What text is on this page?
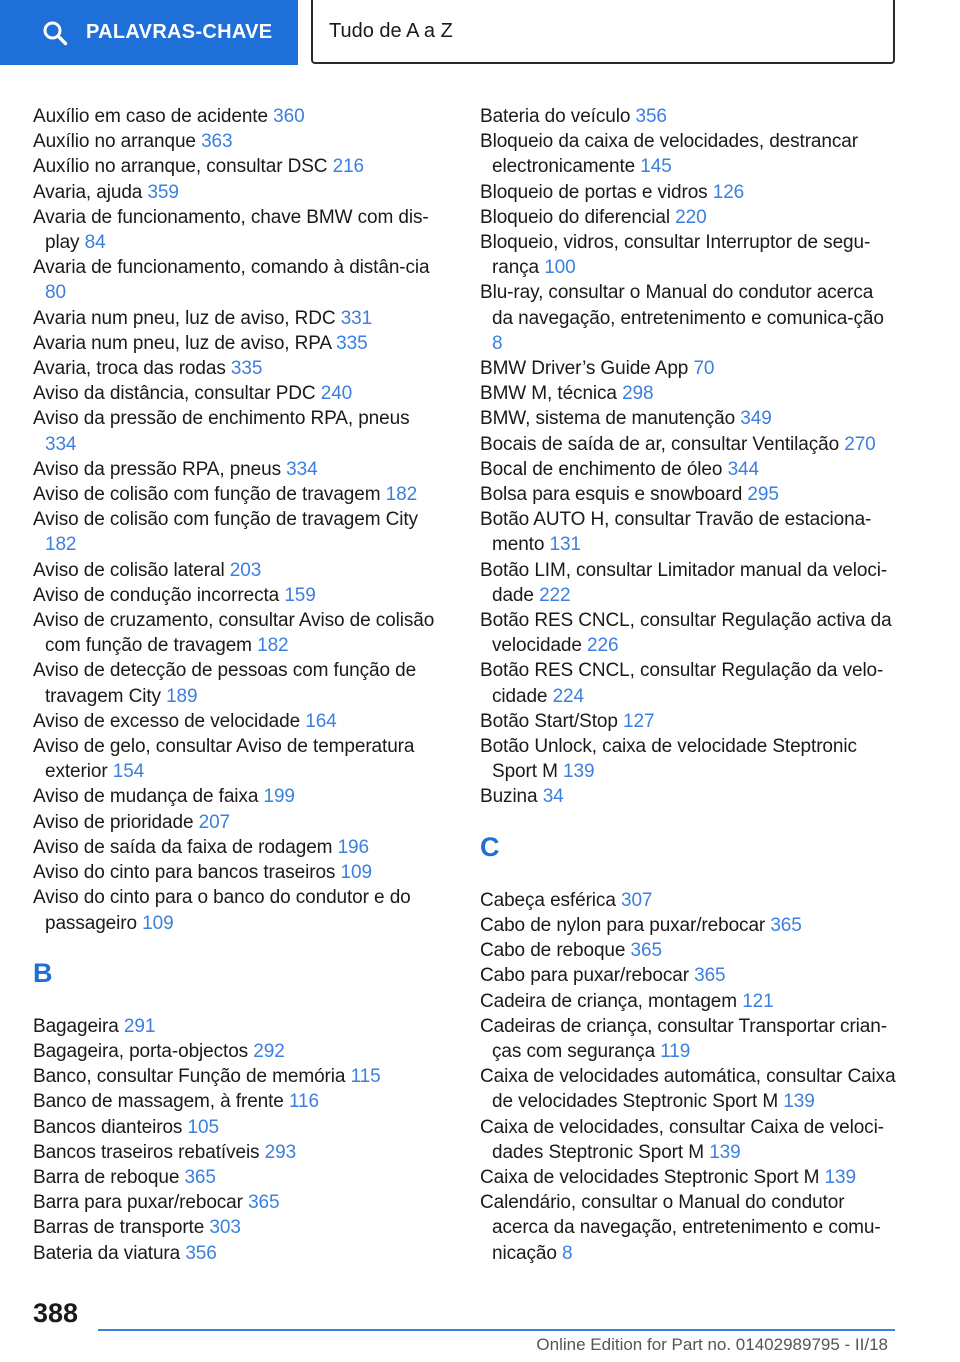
PALAVRAS-CHAVE	Tudo de A a Z
Auxílio em caso de acidente 360
Auxílio no arranque 363
Auxílio no arranque, consultar DSC 216
Avaria, ajuda 359
Avaria de funcionamento, chave BMW com dis-play 84
Avaria de funcionamento, comando à distân-cia 80
Avaria num pneu, luz de aviso, RDC 331
Avaria num pneu, luz de aviso, RPA 335
Avaria, troca das rodas 335
Aviso da distância, consultar PDC 240
Aviso da pressão de enchimento RPA, pneus 334
Aviso da pressão RPA, pneus 334
Aviso de colisão com função de travagem 182
Aviso de colisão com função de travagem City 182
Aviso de colisão lateral 203
Aviso de condução incorrecta 159
Aviso de cruzamento, consultar Aviso de colisão com função de travagem 182
Aviso de detecção de pessoas com função de travagem City 189
Aviso de excesso de velocidade 164
Aviso de gelo, consultar Aviso de temperatura exterior 154
Aviso de mudança de faixa 199
Aviso de prioridade 207
Aviso de saída da faixa de rodagem 196
Aviso do cinto para bancos traseiros 109
Aviso do cinto para o banco do condutor e do passageiro 109
B
Bagageira 291
Bagageira, porta-objectos 292
Banco, consultar Função de memória 115
Banco de massagem, à frente 116
Bancos dianteiros 105
Bancos traseiros rebatíveis 293
Barra de reboque 365
Barra para puxar/rebocar 365
Barras de transporte 303
Bateria da viatura 356
Bateria do veículo 356
Bloqueio da caixa de velocidades, destrancar electronicamente 145
Bloqueio de portas e vidros 126
Bloqueio do diferencial 220
Bloqueio, vidros, consultar Interruptor de segu-rança 100
Blu-ray, consultar o Manual do condutor acerca da navegação, entretenimento e comunica-ção 8
BMW Driver’s Guide App 70
BMW M, técnica 298
BMW, sistema de manutenção 349
Bocais de saída de ar, consultar Ventilação 270
Bocal de enchimento de óleo 344
Bolsa para esquis e snowboard 295
Botão AUTO H, consultar Travão de estaciona-mento 131
Botão LIM, consultar Limitador manual da veloci-dade 222
Botão RES CNCL, consultar Regulação activa da velocidade 226
Botão RES CNCL, consultar Regulação da velo-cidade 224
Botão Start/Stop 127
Botão Unlock, caixa de velocidade Steptronic Sport M 139
Buzina 34
C
Cabeça esférica 307
Cabo de nylon para puxar/rebocar 365
Cabo de reboque 365
Cabo para puxar/rebocar 365
Cadeira de criança, montagem 121
Cadeiras de criança, consultar Transportar crian-ças com segurança 119
Caixa de velocidades automática, consultar Caixa de velocidades Steptronic Sport M 139
Caixa de velocidades, consultar Caixa de veloci-dades Steptronic Sport M 139
Caixa de velocidades Steptronic Sport M 139
Calendário, consultar o Manual do condutor acerca da navegação, entretenimento e comu-nicação 8
388
Online Edition for Part no. 01402989795 - II/18
